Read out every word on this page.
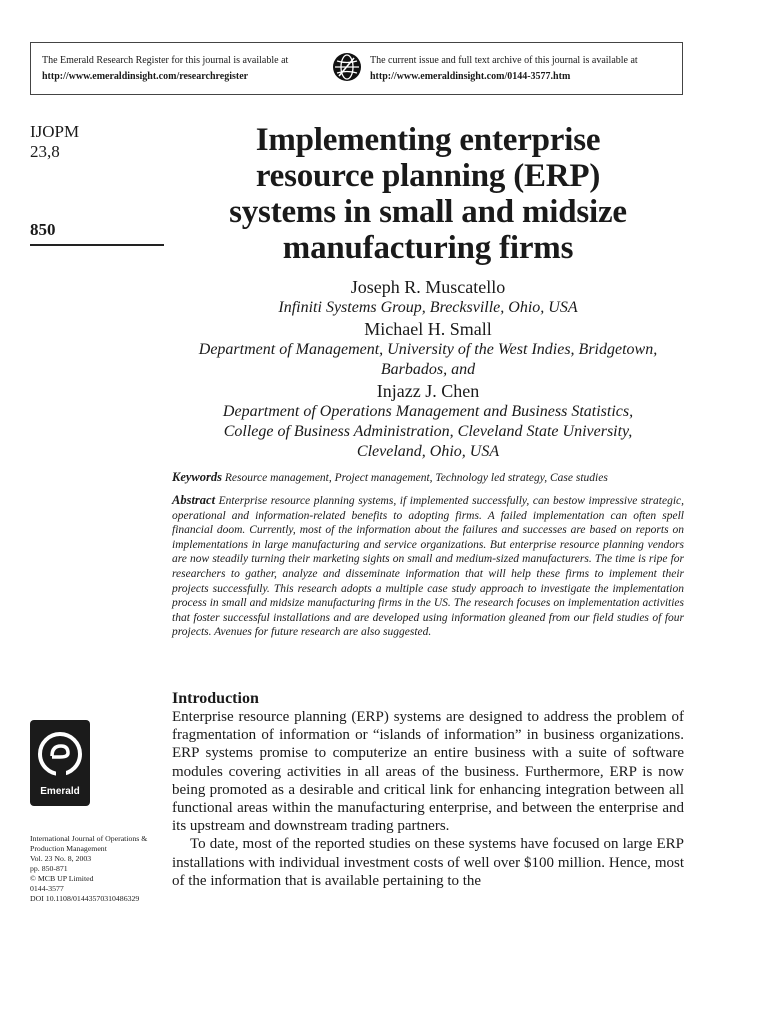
The Emerald Research Register for this journal is available at
http://www.emeraldinsight.com/researchregister
The current issue and full text archive of this journal is available at
http://www.emeraldinsight.com/0144-3577.htm
IJOPM
23,8
850
Implementing enterprise
resource planning (ERP)
systems in small and midsize
manufacturing firms
Joseph R. Muscatello
Infiniti Systems Group, Brecksville, Ohio, USA
Michael H. Small
Department of Management, University of the West Indies, Bridgetown,
Barbados, and
Injazz J. Chen
Department of Operations Management and Business Statistics,
College of Business Administration, Cleveland State University,
Cleveland, Ohio, USA
Keywords Resource management, Project management, Technology led strategy, Case studies
Abstract Enterprise resource planning systems, if implemented successfully, can bestow impressive strategic, operational and information-related benefits to adopting firms. A failed implementation can often spell financial doom. Currently, most of the information about the failures and successes are based on reports on implementations in large manufacturing and service organizations. But enterprise resource planning vendors are now steadily turning their marketing sights on small and medium-sized manufacturers. The time is ripe for researchers to gather, analyze and disseminate information that will help these firms to implement their projects successfully. This research adopts a multiple case study approach to investigate the implementation process in small and midsize manufacturing firms in the US. The research focuses on implementation activities that foster successful installations and are developed using information gleaned from our field studies of four projects. Avenues for future research are also suggested.
Introduction

Enterprise resource planning (ERP) systems are designed to address the problem of fragmentation of information or “islands of information” in business organizations. ERP systems promise to computerize an entire business with a suite of software modules covering activities in all areas of the business. Furthermore, ERP is now being promoted as a desirable and critical link for enhancing integration between all functional areas within the manufacturing enterprise, and between the enterprise and its upstream and downstream trading partners.

To date, most of the reported studies on these systems have focused on large ERP installations with individual investment costs of well over $100 million. Hence, most of the information that is available pertaining to the

Emerald
International Journal of Operations &
Production Management
Vol. 23 No. 8, 2003
pp. 850-871
© MCB UP Limited
0144-3577
DOI 10.1108/01443570310486329
